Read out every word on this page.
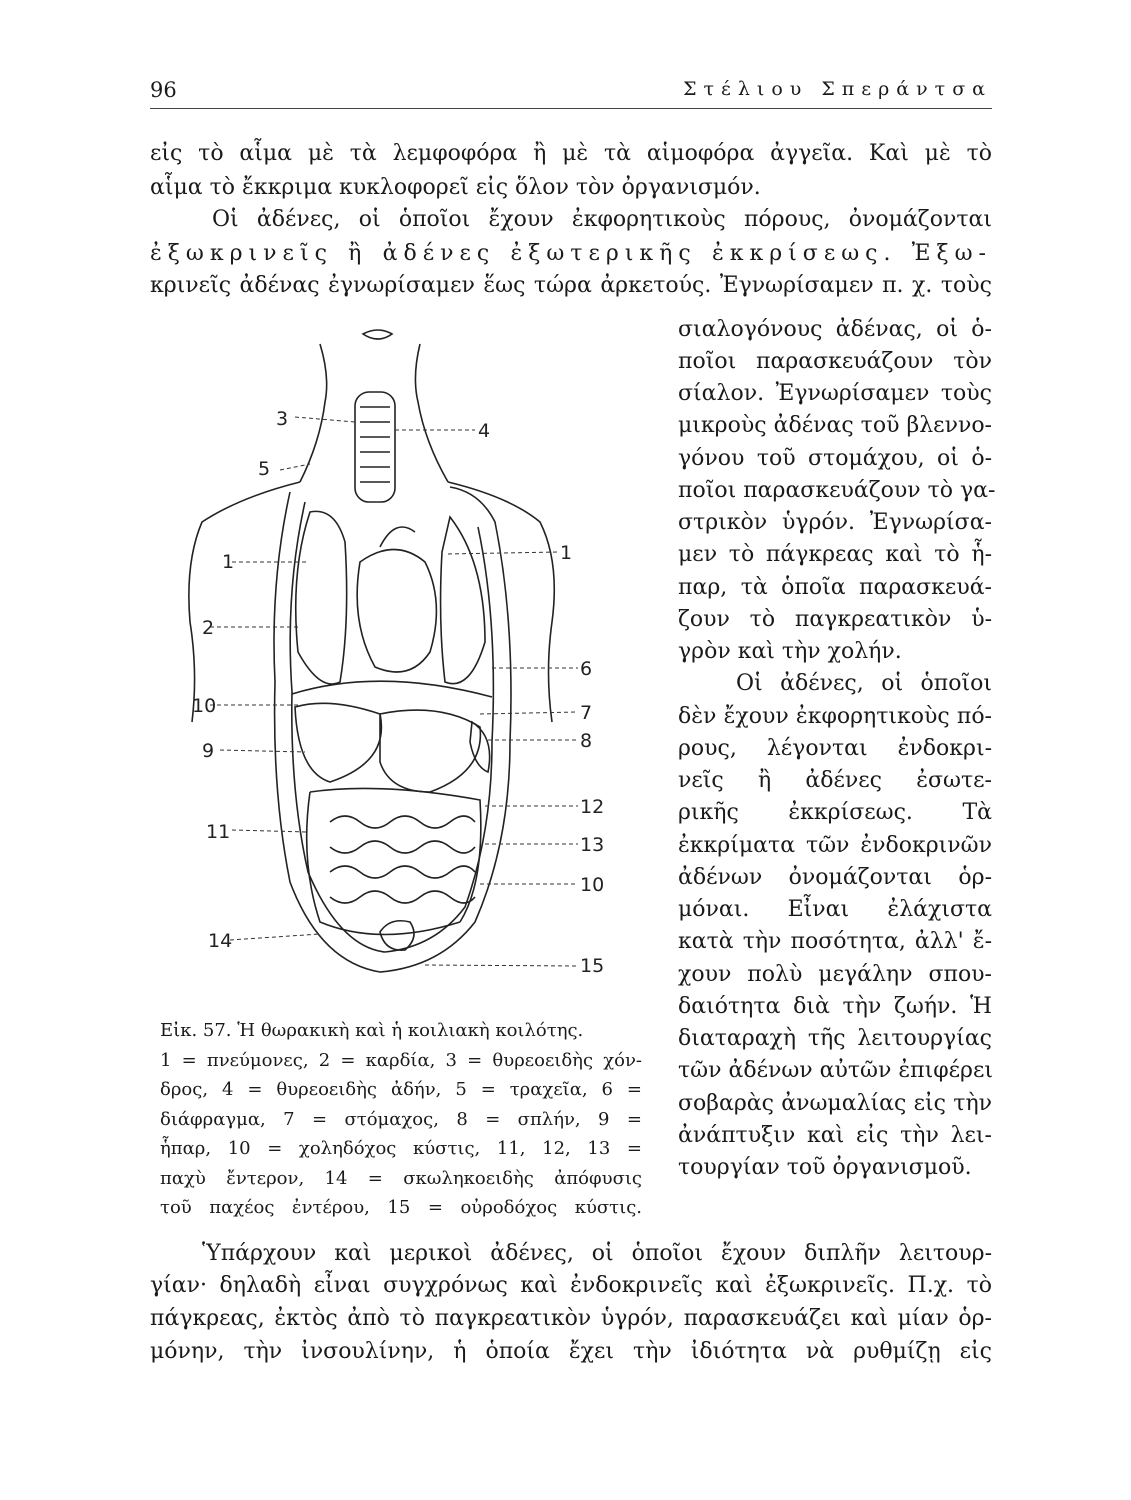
96	Στέλιου Σπεράντσα
εἰς τὸ αἷμα μὲ τὰ λεμφοφόρα ἢ μὲ τὰ αἱμοφόρα ἀγγεῖα. Καὶ μὲ τὸ
αἷμα τὸ ἔκκριμα κυκλοφορεῖ εἰς ὅλον τὸν ὀργανισμόν.
Οἱ ἀδένες, οἱ ὁποῖοι ἔχουν ἐκφορητικοὺς πόρους, ὀνομάζονται
ἐξωκρινεῖς ἢ ἀδένες ἐξωτερικῆς ἐκκρίσεως. Ἐξω-
κρινεῖς ἀδένας ἐγνωρίσαμεν ἕως τώρα ἀρκετούς. Ἐγνωρίσαμεν π. χ. τοὺς
σιαλογόνους ἀδένας, οἱ ὁ-
ποῖοι παρασκευάζουν τὸν
σίαλον. Ἐγνωρίσαμεν τοὺς
μικροὺς ἀδένας τοῦ βλεννο-
γόνου τοῦ στομάχου, οἱ ὁ-
ποῖοι παρασκευάζουν τὸ γα-
στρικὸν ὑγρόν. Ἐγνωρίσα-
μεν τὸ πάγκρεας καὶ τὸ ἧ-
παρ, τὰ ὁποῖα παρασκευά-
ζουν τὸ παγκρεατικὸν ὑ-
γρὸν καὶ τὴν χολήν.
Οἱ ἀδένες, οἱ ὁποῖοι
δὲν ἔχουν ἐκφορητικοὺς πό-
ρους, λέγονται ἐνδοκρι-
νεῖς ἢ ἀδένες ἐσωτε-
ρικῆς ἐκκρίσεως. Τὰ
ἐκκρίματα τῶν ἐνδοκρινῶν
ἀδένων ὀνομάζονται ὁρ-
μόναι. Εἶναι ἐλάχιστα
κατὰ τὴν ποσότητα, ἀλλ' ἔ-
χουν πολὺ μεγάλην σπου-
δαιότητα διὰ τὴν ζωήν. Ἡ
διαταραχὴ τῆς λειτουργίας
τῶν ἀδένων αὐτῶν ἐπιφέρει
σοβαρὰς ἀνωμαλίας εἰς τὴν
ἀνάπτυξιν καὶ εἰς τὴν λει-
τουργίαν τοῦ ὀργανισμοῦ.
3
4
5
1	1
2
6
10	7
9	8
12
11
13
10
14
15
Εἰκ. 57. Ἡ θωρακικὴ καὶ ἡ κοιλιακὴ κοιλότης.
1 = πνεύμονες, 2 = καρδία, 3 = θυρεοειδὴς χόν-
δρος, 4 = θυρεοειδὴς ἀδήν, 5 = τραχεῖα, 6 =
διάφραγμα, 7 = στόμαχος, 8 = σπλήν, 9 =
ἧπαρ, 10 = χοληδόχος κύστις, 11, 12, 13 =
παχὺ ἔντερον, 14 = σκωληκοειδὴς ἀπόφυσις
τοῦ παχέος ἐντέρου, 15 = οὐροδόχος κύστις.
Ὑπάρχουν καὶ μερικοὶ ἀδένες, οἱ ὁποῖοι ἔχουν διπλῆν λειτουρ-
γίαν· δηλαδὴ εἶναι συγχρόνως καὶ ἐνδοκρινεῖς καὶ ἐξωκρινεῖς. Π.χ. τὸ
πάγκρεας, ἐκτὸς ἀπὸ τὸ παγκρεατικὸν ὑγρόν, παρασκευάζει καὶ μίαν ὁρ-
μόνην, τὴν ἰνσουλίνην, ἡ ὁποία ἔχει τὴν ἰδιότητα νὰ ρυθμίζῃ εἰς
